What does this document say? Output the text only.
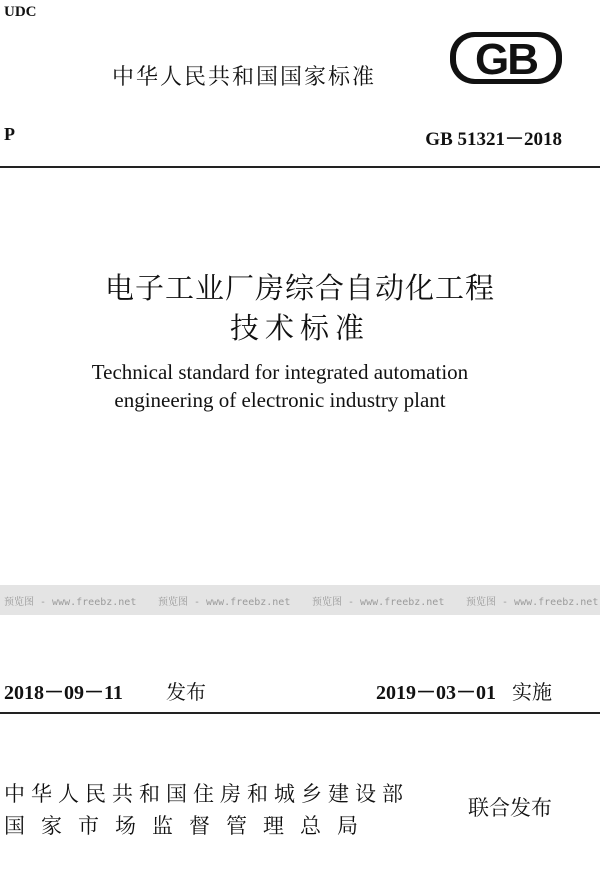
UDC
中华人民共和国国家标准 GB
P	GB 51321－2018
电子工业厂房综合自动化工程
技术标准
Technical standard for integrated automation
engineering of electronic industry plant
预览图 - www.freebz.net	预览图 - www.freebz.net	预览图 - www.freebz.net	预览图 - www.freebz.net
2018－09－11 发布	2019－03－01 实施
中华人民共和国住房和城乡建设部
国家市场监督管理总局
联合发布
